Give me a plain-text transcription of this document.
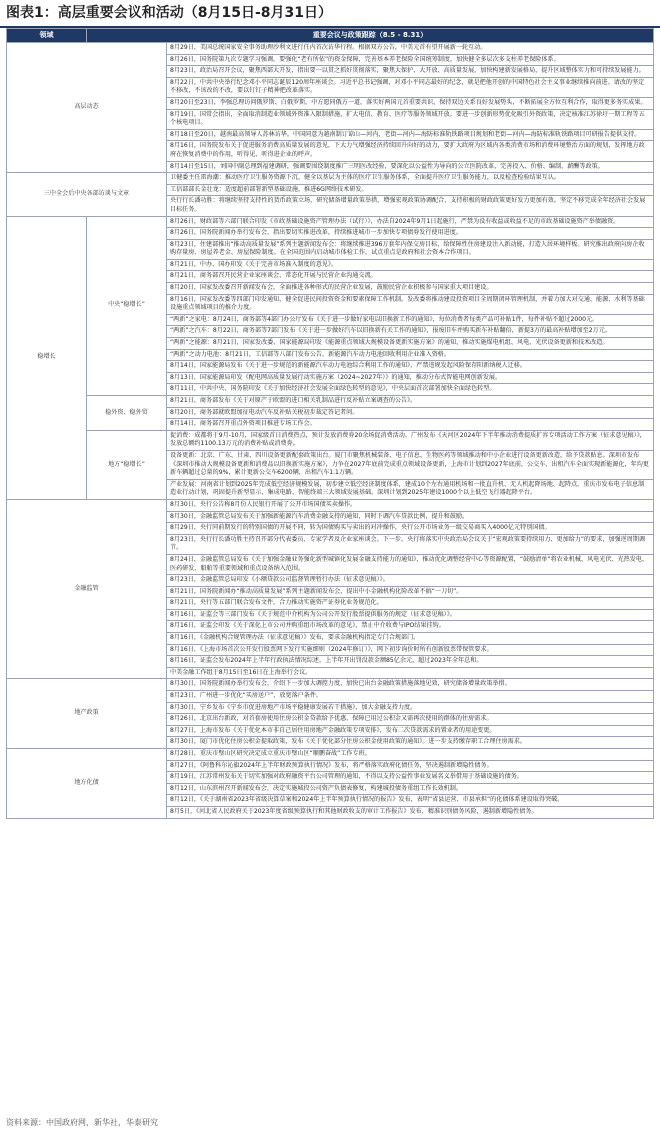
图表1：高层重要会议和活动（8月15日-8月31日）
领域	重要会议与政策跟踪（8.5 - 8.31）	
高层动态		8月29日，美国总统国家安全事务助理沙利文进行任内首次访华行程。根据双方公告，中美元首有望开展新一轮互动。
		8月26日，国务院第九次专题学习强调，要强化“老有所依”的资金保障，完善基本养老保险全国统筹制度，加快健全多层次多支柱养老保险体系。
		8月23日，政治局召开会议，聚焦西部大开发，指出要一以贯之抓好贯彻落实，聚焦大保护、大开放、高质量发展，加快构建新发展格局，提升区域整体实力和可持续发展能力。
		8月22日，中共中央举行纪念邓小平同志诞辰120周年座谈会。习近平总书记强调，对邓小平同志最好的纪念，就是把他开创的中国特色社会主义事业继续推向前进。请改的坚定不移改，不该改的不改，要以钉钉子精神把改革落实。
		8月20日至23日，李强总理访问俄罗斯、白俄罗斯。中方愿同俄方一道，落实好两国元首重要共识，保持双边关系良好发展势头，不断拓展全方位互利合作，取得更多务实成果。
		8月19日，国常会指出，全面取消制造业领域外资准入限制措施，扩大电信、教育、医疗等服务领域开放。要进一步创新形势优化吸引外资政策，决定核准江苏徐圩一期工程等五个核电项目。
		8月18日至20日，越南最高领导人苏林访华。中国同意为越南制订谅山—河内、老街—河内—海防标准轨铁路项目规划和老街—河内—海防标准轨铁路项目可研报告提供支持。
		8月16日，国务院发布关于促进服务消费高质量发展的意见，下大力气增强经济持续回升向好的动力，要扩大政府为区域内各类消费市场和消费环境整治方面的规划，发挥地方政府在恢复消费中的作用，听得见、听得进企业的呼声。
		8月14日至15日，刘国中副总理到福建调研，强调要围绕制度推广三明医改经验，要深化以公益性为导向的公立医院改革，完善投入、价格、编制、薪酬等政策。
三中全会后中央各部访谈与文章		卫健委主任雷海潮：推动医疗卫生服务资源下沉，健全以基层为主体的医疗卫生服务体系，全面提升医疗卫生服务能力，以及检查检验结果互认。
		工信部部长金壮龙：适度超前部署新型基础设施，推进6G网络技术研发。
		央行行长潘功胜：将继续坚持支持性的货币政策立场，研究储备增量政策举措，增强宏观政策协调配合，支持积极的财政政策更好发力更加有效。坚定不移完成全年经济社会发展目标任务。
稳增长	中央“稳增长”	8月26日，财政部等六部门联合印发《市政基础设施资产管理办法（试行）》，办法自2024年9月1日起施行，严禁为没有收益或收益不足的市政基础设施资产举债融资。
		8月26日，国务院新闻办举行发布会，指出要切实推进改革，持续推进城市一步加快专项债券发行使用进度。
		8月23日，住建部推出“推动高质量发展”系列主题新闻发布会：将继续推进396万套年内保交房目标，给保障性住房建设注入新动能，打造人居环境样板。研究推出政府向房企收购存量房、房屋养老金、房屋保险制度。在全国范围内启动城市体检工作，试点重点是政府和社会资本合作项目。
		8月21日，中办、国办印发《关于完善市场准入制度的意见》。
		8月21日，商务部召开民营企业家座谈会，常态化开展与民营企业沟通交流。
		8月20日，国家发改委召开新闻发布会，全面推进各种形式的民营企业发展，鼓励民营企业积极参与国家重大项目建设。
		8月16日，国家发改委等四部门印发通知，健全促进民间投资资金和要素保障工作机制。发改委将推动建设投资项目全周期闭环管理机制，并着力加大对交通、能源、水利等基础设施重点领域项目的推介力度。
		“两新”之家电：8月24日，商务部等4部门办公厅发布《关于进一步做好家电以旧换新工作的通知》，每位消费者每类产品可补贴1件，每件补贴不超过2000元。
		“两新”之汽车：8月22日，商务部等7部门发布《关于进一步做好汽车以旧换新有关工作的通知》，报废旧车并购买新车补贴翻倍，新提3万的最高补贴增加至2万元。
		“两新”之能源：8月21日，国家发改委、国家能源局印发《能源重点领域大规模设备更新实施方案》的通知，推动实施煤电机组、风电、光伏设备更新和技术改造。
		“两新”之动力电池：8月21日，工信部等八部门发布公告，新能源汽车动力电池回收利用企业准入资格。
		8月14日，国家能源局发布《关于进一步规范的新能源汽车动力电池综合利用工作的通知》，严禁违规发起风险保存阳新纳税人迁移。
		8月13日，国家能源局印发《配电网高质量发展行动实施方案（2024~2027年）》的通知，推动分布式智能电网创新发展。
		8月11日，中共中央、国务院印发《关于加快经济社会发展全面绿色转型的意见》，中央层面首次部署加快全面绿色转型。
	稳外资、稳外贸	8月21日，商务部发布《关于对原产于欧盟的进口相关乳制品进行反补贴立案调查的公告》。
		8月20日，商务部就欧盟加征电动汽车反补贴关税初步裁定答记者问。
		8月14日，商务部召开重点外资项目推进专场工作会。
	地方“稳增长”	促消费：成都将于9月-10月，国家级首日消费热点，预计发放消费券20余场促消费活动。广州发布《天河区2024年下半年推动消费提质扩容专项活动工作方案（征求意见稿）》，发放总额约1100.13万元的消费补贴或消费券。
		设备更新：北京、广东、甘肃、四川设备更新配套政策出台。厦门市聚焦机械装备、电子信息、生物医药等领域推动和中小企业进行设备更新改造，给予贷款贴息。深圳市发布《深圳市推动大规模设备更新和消费品以旧换新实施方案》，力争在2027年底前完成重点领域设备更新，上海市计划到2027年底前，公交车、出租汽车全面实现新能源化，年均更新车辆超过总量的9%，累计更新公交车6200辆，出租汽车1.1万辆。
		产业发展：河南省计划到2025年完成低空经济规模发展，初步建立低空经济制度体系，建成10个左右通用机场和一批直升机、无人机起降场地、起降点。重庆市发布电子信息制造业行动计划，巩固提升新型显示、集成电路、智能终端三大领域发展基础。深圳计划到2025年建设1000个以上低空飞行器起降平台。
金融监管		8月30日，央行公告称8月份人民银行开展了公开市场国债买卖操作。
		8月30日，金融监管总局发布关于加强新能源汽车消费金融支持的通知，同时下调汽车贷款比例，提升和鼓励。
		8月29日，央行同前期发行的特别国债的开展不同，转为国债购买与卖出的对冲操作，央行公开市场业务一级交易商买入4000亿元特别国债。
		8月23日，央行行长潘功胜主持召开部分代表委员、专家学者及企业家座谈会。下一步，央行将落实中央政治局会议关于“宏观政策要持续用力、更加给力”的要求，加强逆周期调节。
		8月24日，金融监管总局发布《关于加强金融业务强化新型城镇化发展金融支持能力的通知》，推动优化调整经营中心等资源配置，“鼓励清单”将农业机械、风电光伏、光热发电、医药研发、船舶等重要领域和重点设备纳入范围。
		8月23日，金融监管总局印发《小额贷款公司监督管理暂行办法（征求意见稿）》。
		8月21日，国务院新闻办“推动高质量发展”系列主题新闻发布会，提出中小金融机构化险改革不搞“一刀切”。
		8月21日，央行等五部门联合发布文件，合力推动实施资产证券化业务规范化。
		8月16日，证监会等三部门发布《关于规范中介机构为公司公开发行股票提供服务的规定（征求意见稿）》。
		8月16日，证监会印发《关于深化上市公司并购重组市场改革的意见》，禁止中介收费与IPO结果挂钩。
		8月16日，《金融机构合规管理办法（征求意见稿）》发布，要求金融机构指定专门合规部门。
		8月16日，《上海市场首次公开发行股票网下发行实施细则（2024年修订）》，网下初步询价时所有创新股票带保管要求。
		8月16日，证监会发布2024年上半年行政执法情况综述，上半年开出罚没款金额85亿余元，超过2023年全年总和。
		中美金融工作组于8月15日至16日在上海举行会议。
地产政策		8月30日，国务院新闻办举行发布会，介绍下一步加大调控力度，加快已出台金融政策措施落地见效，研究储备增量政策举措。
		8月23日，广州进一步优化“买房送户”，放宽落户条件。
		8月30日，宁乡发布《宁乡市促进房地产市场平稳健康发展若干措施》，加大金融支持力度。
		8月26日，北京出台新政，对首套房使用住房公积金贷款给予优惠，保障已用过公积金又需再次使用的群体的住房需求。
		8月27日，上海市发布《关于优化本市非自己居住用房地产金融政策专项安排》，发布二次贷款需求的置业者的用途变更。
		8月30日，厦门市优化住房公积金提取政策，发布《关于优化部分住房公积金使用政策的通知》。进一步支持缴存职工合理住房需求。
地方化债		8月28日，重庆市璧山区研究决定成立重庆市璧山区“顺鹏奋战”工作专班。
		8月27日，《阿鲁科尔沁旗2024年上半年财政预算执行情况》发布，将严格落实政府化债任务，坚决遏制新增隐性债务。
		8月19日，江苏常州发布关于切实加强对政府融资平台公司管理的通知，不得以支持公益性事业发展名义举借用于基础设施的债务。
		8月12日，山东滨州召开新闻发布会，决定实施城投公司资产负债表修复，构建城投债务重组工作长效机制。
		8月12日，《关于湖南省2023年省级决算草案和2024年上半年预算执行情况的报告》发布，表明“省县运营、市县承担”的化债体系建设取得突破。
		8月5日，《河北省人民政府关于2023年度省级预算执行和其他财政收支的审计工作报告》发布，精准识别债务风险，遏制新增隐性债务。
资料来源：中国政府网，新华社，华泰研究
